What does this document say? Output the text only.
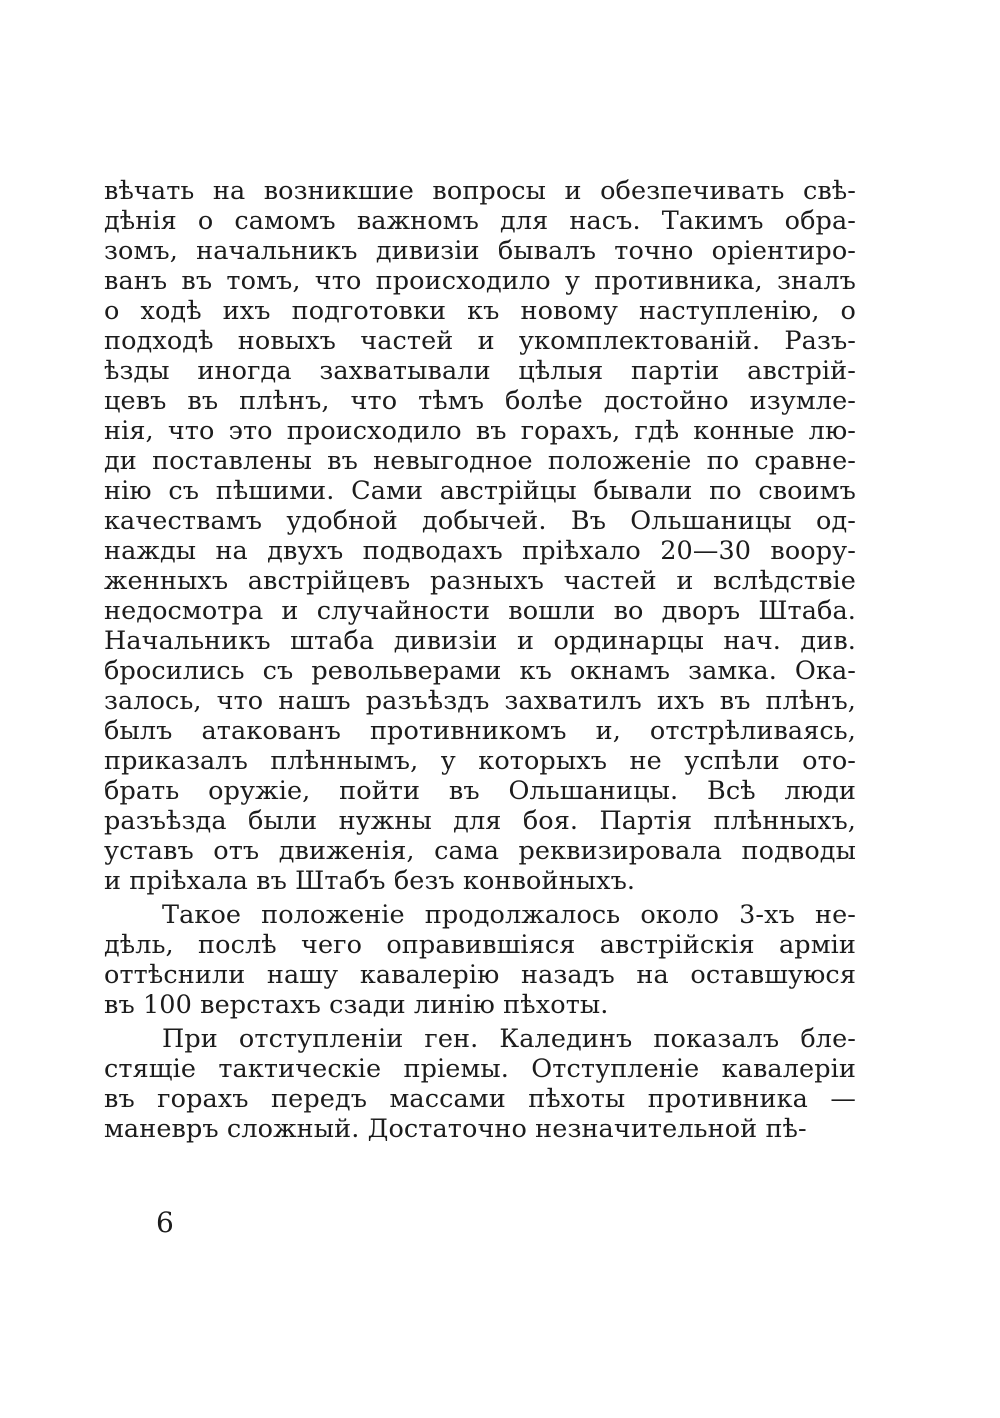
вѣчать на возникшие вопросы и обезпечивать свѣ-
дѣнія о самомъ важномъ для насъ. Такимъ обра-
зомъ, начальникъ дивизіи бывалъ точно оріентиро-
ванъ въ томъ, что происходило у противника, зналъ
о ходѣ ихъ подготовки къ новому наступленію, о
подходѣ новыхъ частей и укомплектованій. Разъ-
ѣзды иногда захватывали цѣлыя партіи австрій-
цевъ въ плѣнъ, что тѣмъ болѣе достойно изумле-
нія, что это происходило въ горахъ, гдѣ конные лю-
ди поставлены въ невыгодное положеніе по сравне-
нію съ пѣшими. Сами австрійцы бывали по своимъ
качествамъ удобной добычей. Въ Ольшаницы од-
нажды на двухъ подводахъ пріѣхало 20—30 воору-
женныхъ австрійцевъ разныхъ частей и вслѣдствіе
недосмотра и случайности вошли во дворъ Штаба.
Начальникъ штаба дивизіи и ординарцы нач. див.
бросились съ револьверами къ окнамъ замка. Ока-
залось, что нашъ разъѣздъ захватилъ ихъ въ плѣнъ,
былъ атакованъ противникомъ и, отстрѣливаясь,
приказалъ плѣннымъ, у которыхъ не успѣли ото-
брать оружіе, пойти въ Ольшаницы. Всѣ люди
разъѣзда были нужны для боя. Партія плѣнныхъ,
уставъ отъ движенія, сама реквизировала подводы
и пріѣхала въ Штабъ безъ конвойныхъ.
Такое положеніе продолжалось около 3-хъ не-
дѣль, послѣ чего оправившіяся австрійскія арміи
оттѣснили нашу кавалерію назадъ на оставшуюся
въ 100 верстахъ сзади линію пѣхоты.
При отступленіи ген. Калединъ показалъ бле-
стящіе тактическіе пріемы. Отступленіе кавалеріи
въ горахъ передъ массами пѣхоты противника —
маневръ сложный. Достаточно незначительной пѣ-
6
